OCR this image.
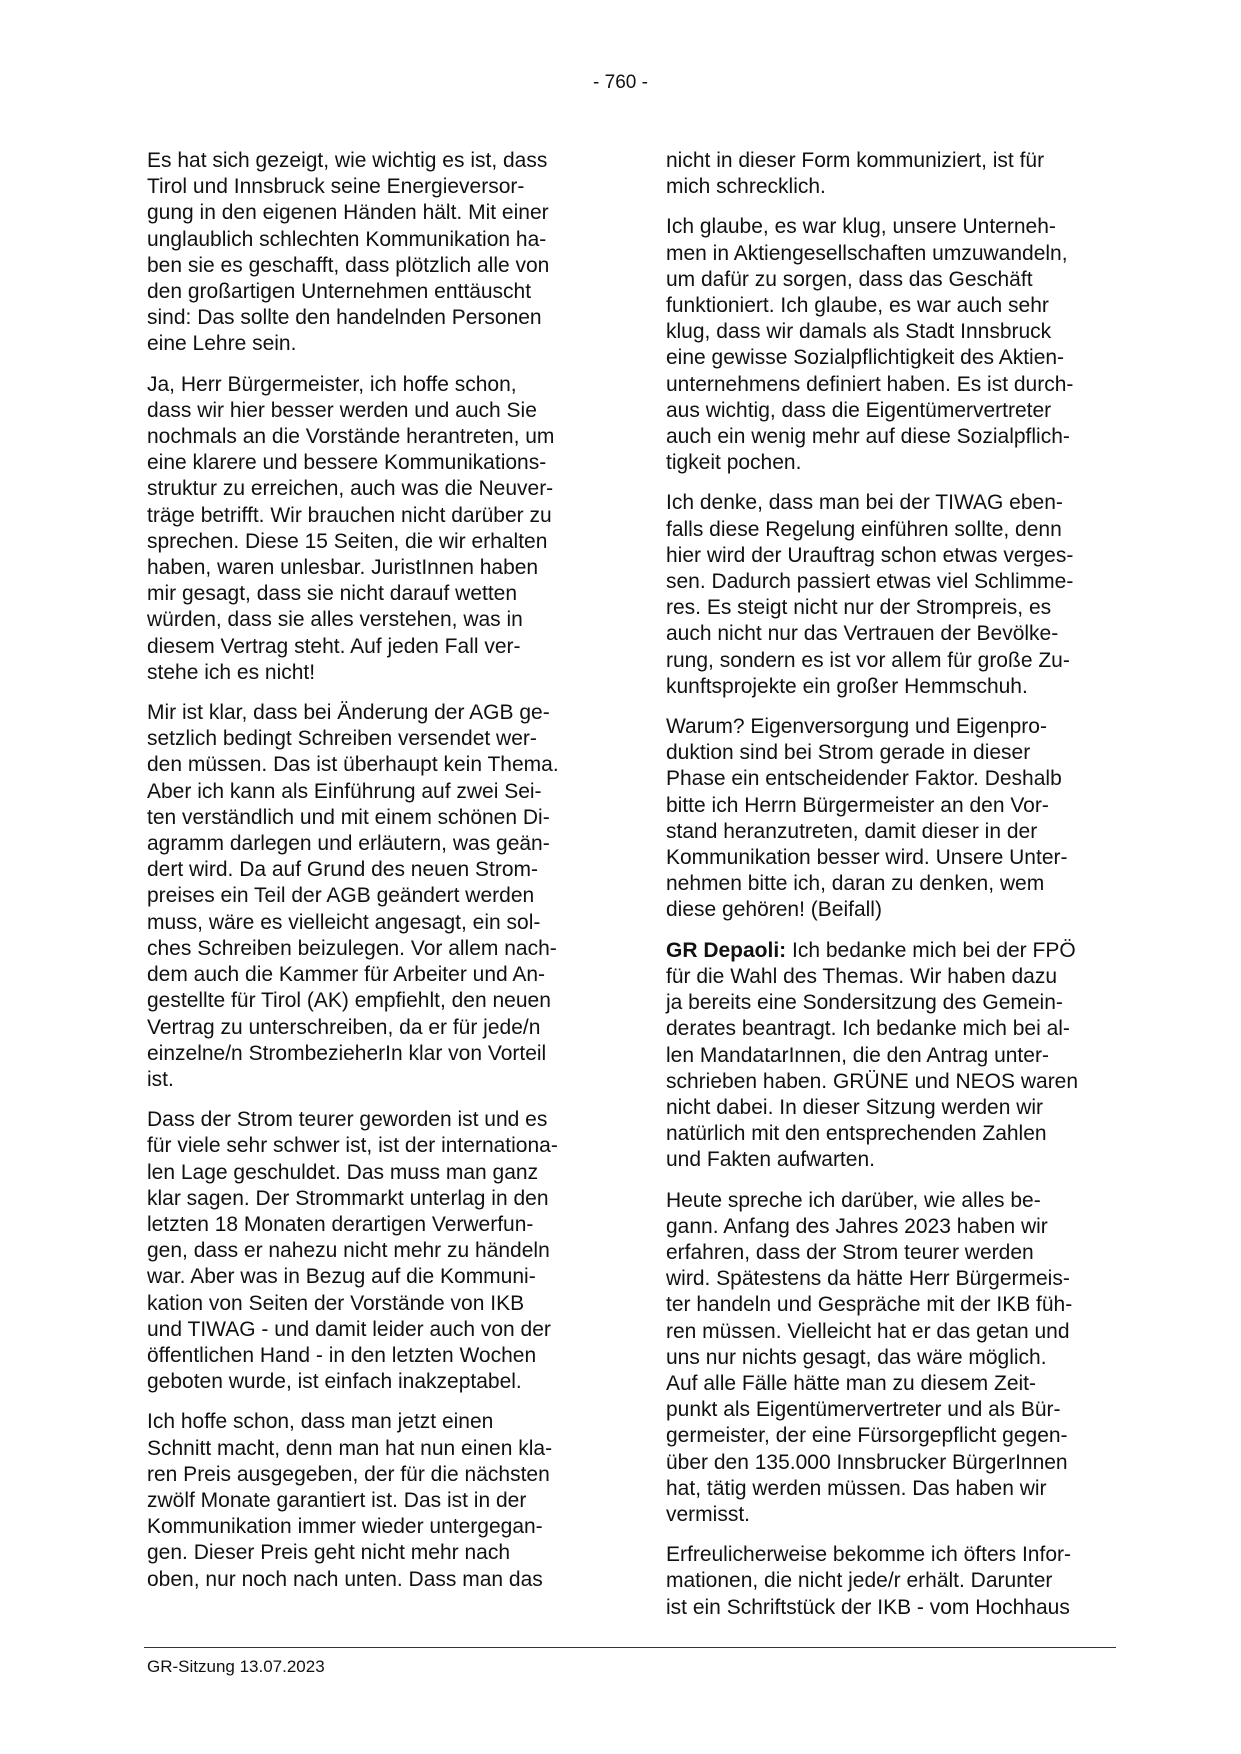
- 760 -

Es hat sich gezeigt, wie wichtig es ist, dass
Tirol und Innsbruck seine Energieversor-
gung in den eigenen Händen hält. Mit einer
unglaublich schlechten Kommunikation ha-
ben sie es geschafft, dass plötzlich alle von
den großartigen Unternehmen enttäuscht
sind: Das sollte den handelnden Personen
eine Lehre sein.

Ja, Herr Bürgermeister, ich hoffe schon,
dass wir hier besser werden und auch Sie
nochmals an die Vorstände herantreten, um
eine klarere und bessere Kommunikations-
struktur zu erreichen, auch was die Neuver-
träge betrifft. Wir brauchen nicht darüber zu
sprechen. Diese 15 Seiten, die wir erhalten
haben, waren unlesbar. JuristInnen haben
mir gesagt, dass sie nicht darauf wetten
würden, dass sie alles verstehen, was in
diesem Vertrag steht. Auf jeden Fall ver-
stehe ich es nicht!

Mir ist klar, dass bei Änderung der AGB ge-
setzlich bedingt Schreiben versendet wer-
den müssen. Das ist überhaupt kein Thema.
Aber ich kann als Einführung auf zwei Sei-
ten verständlich und mit einem schönen Di-
agramm darlegen und erläutern, was geän-
dert wird. Da auf Grund des neuen Strom-
preises ein Teil der AGB geändert werden
muss, wäre es vielleicht angesagt, ein sol-
ches Schreiben beizulegen. Vor allem nach-
dem auch die Kammer für Arbeiter und An-
gestellte für Tirol (AK) empfiehlt, den neuen
Vertrag zu unterschreiben, da er für jede/n
einzelne/n StrombezieherIn klar von Vorteil
ist.

Dass der Strom teurer geworden ist und es
für viele sehr schwer ist, ist der internationa-
len Lage geschuldet. Das muss man ganz
klar sagen. Der Strommarkt unterlag in den
letzten 18 Monaten derartigen Verwerfun-
gen, dass er nahezu nicht mehr zu händeln
war. Aber was in Bezug auf die Kommuni-
kation von Seiten der Vorstände von IKB
und TIWAG - und damit leider auch von der
öffentlichen Hand - in den letzten Wochen
geboten wurde, ist einfach inakzeptabel.

Ich hoffe schon, dass man jetzt einen
Schnitt macht, denn man hat nun einen kla-
ren Preis ausgegeben, der für die nächsten
zwölf Monate garantiert ist. Das ist in der
Kommunikation immer wieder untergegan-
gen. Dieser Preis geht nicht mehr nach
oben, nur noch nach unten. Dass man das

nicht in dieser Form kommuniziert, ist für
mich schrecklich.

Ich glaube, es war klug, unsere Unterneh-
men in Aktiengesellschaften umzuwandeln,
um dafür zu sorgen, dass das Geschäft
funktioniert. Ich glaube, es war auch sehr
klug, dass wir damals als Stadt Innsbruck
eine gewisse Sozialpflichtigkeit des Aktien-
unternehmens definiert haben. Es ist durch-
aus wichtig, dass die Eigentümervertreter
auch ein wenig mehr auf diese Sozialpflich-
tigkeit pochen.

Ich denke, dass man bei der TIWAG eben-
falls diese Regelung einführen sollte, denn
hier wird der Urauftrag schon etwas verges-
sen. Dadurch passiert etwas viel Schlimme-
res. Es steigt nicht nur der Strompreis, es
auch nicht nur das Vertrauen der Bevölke-
rung, sondern es ist vor allem für große Zu-
kunftsprojekte ein großer Hemmschuh.

Warum? Eigenversorgung und Eigenpro-
duktion sind bei Strom gerade in dieser
Phase ein entscheidender Faktor. Deshalb
bitte ich Herrn Bürgermeister an den Vor-
stand heranzutreten, damit dieser in der
Kommunikation besser wird. Unsere Unter-
nehmen bitte ich, daran zu denken, wem
diese gehören! (Beifall)

GR Depaoli: Ich bedanke mich bei der FPÖ
für die Wahl des Themas. Wir haben dazu
ja bereits eine Sondersitzung des Gemein-
derates beantragt. Ich bedanke mich bei al-
len MandatarInnen, die den Antrag unter-
schrieben haben. GRÜNE und NEOS waren
nicht dabei. In dieser Sitzung werden wir
natürlich mit den entsprechenden Zahlen
und Fakten aufwarten.

Heute spreche ich darüber, wie alles be-
gann. Anfang des Jahres 2023 haben wir
erfahren, dass der Strom teurer werden
wird. Spätestens da hätte Herr Bürgermeis-
ter handeln und Gespräche mit der IKB füh-
ren müssen. Vielleicht hat er das getan und
uns nur nichts gesagt, das wäre möglich.
Auf alle Fälle hätte man zu diesem Zeit-
punkt als Eigentümervertreter und als Bür-
germeister, der eine Fürsorgepflicht gegen-
über den 135.000 Innsbrucker BürgerInnen
hat, tätig werden müssen. Das haben wir
vermisst.

Erfreulicherweise bekomme ich öfters Infor-
mationen, die nicht jede/r erhält. Darunter
ist ein Schriftstück der IKB - vom Hochhaus

GR-Sitzung 13.07.2023
